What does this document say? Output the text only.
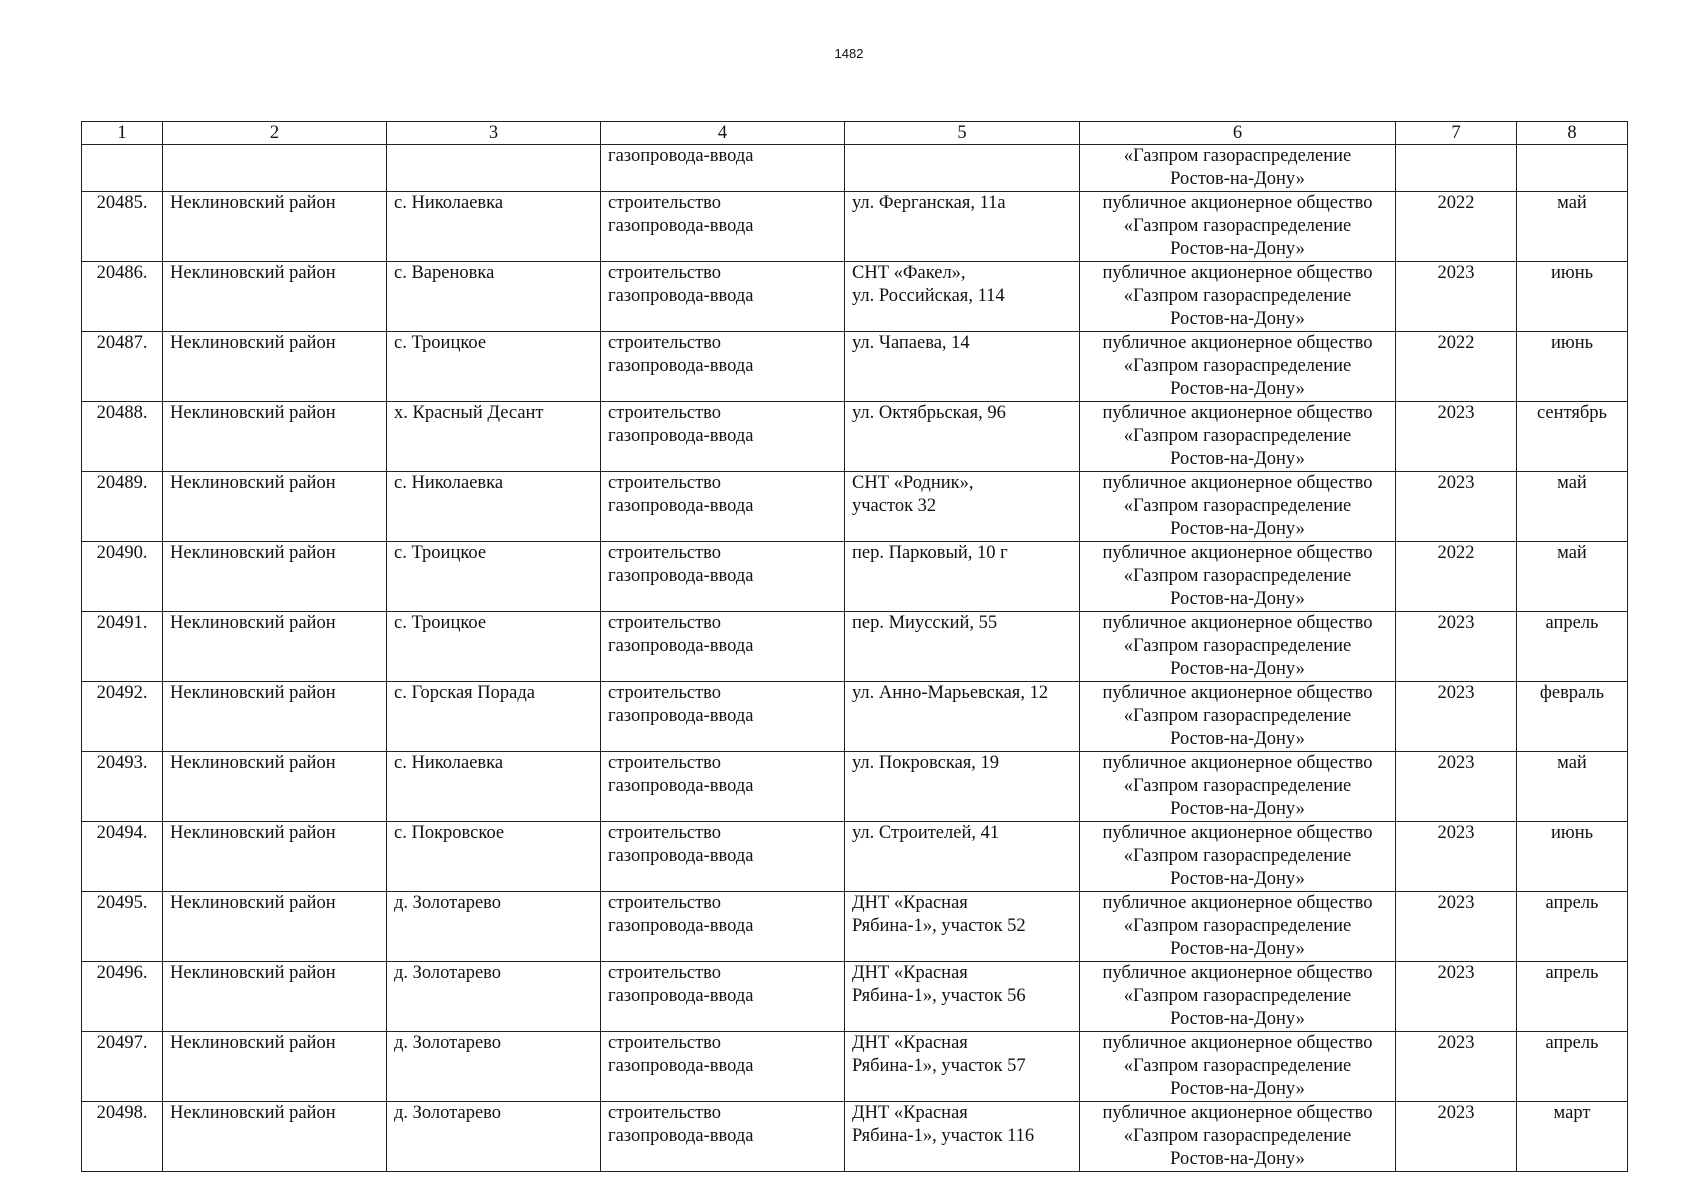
1482
1	2	3	4	5	6	7	8
			газопровода-ввода		«Газпром газораспределение
Ростов-на-Дону»		
20485.	Неклиновский район	с. Николаевка	строительство
газопровода-ввода	ул. Ферганская, 11а	публичное акционерное общество
«Газпром газораспределение
Ростов-на-Дону»	2022	май
20486.	Неклиновский район	с. Вареновка	строительство
газопровода-ввода	СНТ «Факел»,
ул. Российская, 114	публичное акционерное общество
«Газпром газораспределение
Ростов-на-Дону»	2023	июнь
20487.	Неклиновский район	с. Троицкое	строительство
газопровода-ввода	ул. Чапаева, 14	публичное акционерное общество
«Газпром газораспределение
Ростов-на-Дону»	2022	июнь
20488.	Неклиновский район	х. Красный Десант	строительство
газопровода-ввода	ул. Октябрьская, 96	публичное акционерное общество
«Газпром газораспределение
Ростов-на-Дону»	2023	сентябрь
20489.	Неклиновский район	с. Николаевка	строительство
газопровода-ввода	СНТ «Родник»,
участок 32	публичное акционерное общество
«Газпром газораспределение
Ростов-на-Дону»	2023	май
20490.	Неклиновский район	с. Троицкое	строительство
газопровода-ввода	пер. Парковый, 10 г	публичное акционерное общество
«Газпром газораспределение
Ростов-на-Дону»	2022	май
20491.	Неклиновский район	с. Троицкое	строительство
газопровода-ввода	пер. Миусский, 55	публичное акционерное общество
«Газпром газораспределение
Ростов-на-Дону»	2023	апрель
20492.	Неклиновский район	с. Горская Порада	строительство
газопровода-ввода	ул. Анно-Марьевская, 12	публичное акционерное общество
«Газпром газораспределение
Ростов-на-Дону»	2023	февраль
20493.	Неклиновский район	с. Николаевка	строительство
газопровода-ввода	ул. Покровская, 19	публичное акционерное общество
«Газпром газораспределение
Ростов-на-Дону»	2023	май
20494.	Неклиновский район	с. Покровское	строительство
газопровода-ввода	ул. Строителей, 41	публичное акционерное общество
«Газпром газораспределение
Ростов-на-Дону»	2023	июнь
20495.	Неклиновский район	д. Золотарево	строительство
газопровода-ввода	ДНТ «Красная
Рябина-1», участок 52	публичное акционерное общество
«Газпром газораспределение
Ростов-на-Дону»	2023	апрель
20496.	Неклиновский район	д. Золотарево	строительство
газопровода-ввода	ДНТ «Красная
Рябина-1», участок 56	публичное акционерное общество
«Газпром газораспределение
Ростов-на-Дону»	2023	апрель
20497.	Неклиновский район	д. Золотарево	строительство
газопровода-ввода	ДНТ «Красная
Рябина-1», участок 57	публичное акционерное общество
«Газпром газораспределение
Ростов-на-Дону»	2023	апрель
20498.	Неклиновский район	д. Золотарево	строительство
газопровода-ввода	ДНТ «Красная
Рябина-1», участок 116	публичное акционерное общество
«Газпром газораспределение
Ростов-на-Дону»	2023	март
